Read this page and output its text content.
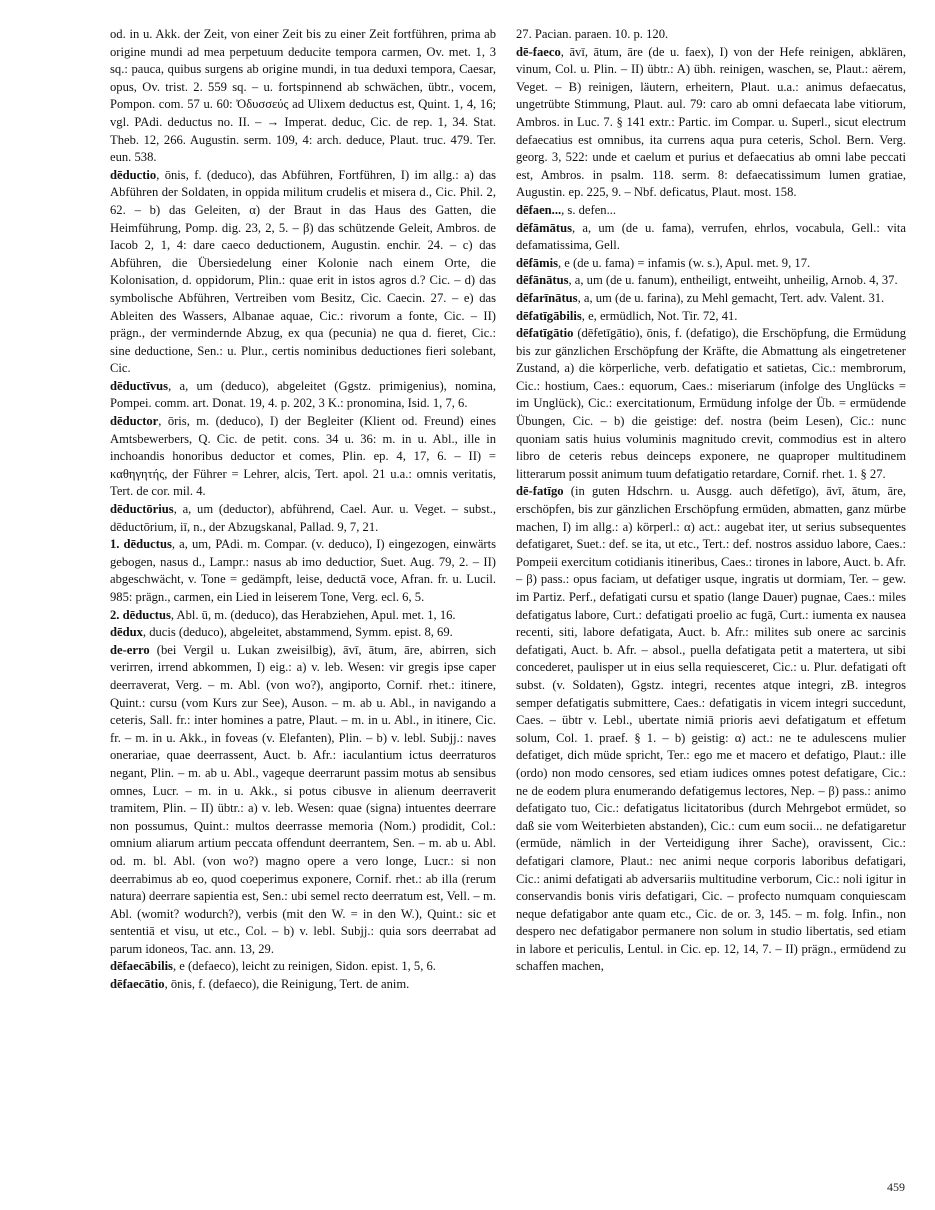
od. in u. Akk. der Zeit, von einer Zeit bis zu einer Zeit fortführen, prima ab origine mundi ad mea perpetuum deducite tempora carmen, Ov. met. 1, 3 sq.: pauca, quibus surgens ab origine mundi, in tua deduxi tempora, Caesar, opus, Ov. trist. 2. 559 sq. – u. fortspinnend ab schwächen, übtr., vocem, Pompon. com. 57 u. 60: Ὀδυσσεύς ad Ulixem deductus est, Quint. 1, 4, 16; vgl. PAdi. deductus no. II. – → Imperat. deduc, Cic. de rep. 1, 34. Stat. Theb. 12, 266. Augustin. serm. 109, 4: arch. deduce, Plaut. truc. 479. Ter. eun. 538.

dēductio, ōnis, f. (deduco), das Abführen, Fortführen, I) im allg.: a) das Abführen der Soldaten, in oppida militum crudelis et misera d., Cic. Phil. 2, 62. – b) das Geleiten, α) der Braut in das Haus des Gatten, die Heimführung, Pomp. dig. 23, 2, 5. – β) das schützende Geleit, Ambros. de Iacob 2, 1, 4: dare caeco deductionem, Augustin. enchir. 24. – c) das Abführen, die Übersiedelung einer Kolonie nach einem Orte, die Kolonisation, d. oppidorum, Plin.: quae erit in istos agros d.? Cic. – d) das symbolische Abführen, Vertreiben vom Besitz, Cic. Caecin. 27. – e) das Ableiten des Wassers, Albanae aquae, Cic.: rivorum a fonte, Cic. – II) prägn., der vermindernde Abzug, ex qua (pecunia) ne qua d. fieret, Cic.: sine deductione, Sen.: u. Plur., certis nominibus deductiones fieri solebant, Cic.

dēductīvus, a, um (deduco), abgeleitet (Ggstz. primigenius), nomina, Pompei. comm. art. Donat. 19, 4. p. 202, 3 K.: pronomina, Isid. 1, 7, 6.

dēductor, ōris, m. (deduco), I) der Begleiter (Klient od. Freund) eines Amtsbewerbers, Q. Cic. de petit. cons. 34 u. 36: m. in u. Abl., ille in inchoandis honoribus deductor et comes, Plin. ep. 4, 17, 6. – II) = καθηγητής, der Führer = Lehrer, alcis, Tert. apol. 21 u.a.: omnis veritatis, Tert. de cor. mil. 4.

dēductōrius, a, um (deductor), abführend, Cael. Aur. u. Veget. – subst., dēductōrium, iī, n., der Abzugskanal, Pallad. 9, 7, 21.

1. dēductus, a, um, PAdi. m. Compar. (v. deduco), I) eingezogen, einwärts gebogen, nasus d., Lampr.: nasus ab imo deductior, Suet. Aug. 79, 2. – II) abgeschwächt, v. Tone = gedämpft, leise, deductā voce, Afran. fr. u. Lucil. 985: prägn., carmen, ein Lied in leiserem Tone, Verg. ecl. 6, 5.

2. dēductus, Abl. ū, m. (deduco), das Herabziehen, Apul. met. 1, 16.

dēdux, ducis (deduco), abgeleitet, abstammend, Symm. epist. 8, 69.

de-erro (bei Vergil u. Lukan zweisilbig), āvī, ātum, āre, abirren, sich verirren, irrend abkommen, I) eig.: a) v. leb. Wesen: vir gregis ipse caper deerraverat, Verg. – m. Abl. (von wo?), angiporto, Cornif. rhet.: itinere, Quint.: cursu (vom Kurs zur See), Auson. – m. ab u. Abl., in navigando a ceteris, Sall. fr.: inter homines a patre, Plaut. – m. in u. Abl., in itinere, Cic. fr. – m. in u. Akk., in foveas (v. Elefanten), Plin. – b) v. lebl. Subjj.: naves onerariae, quae deerrassent, Auct. b. Afr.: iaculantium ictus deerraturos negant, Plin. – m. ab u. Abl., vageque deerrarunt passim motus ab sensibus omnes, Lucr. – m. in u. Akk., si potus cibusve in alienum deerraverit tramitem, Plin. – II) übtr.: a) v. leb. Wesen: quae (signa) intuentes deerrare non possumus, Quint.: multos deerrasse memoria (Nom.) prodidit, Col.: omnium aliarum artium peccata offendunt deerrantem, Sen. – m. ab u. Abl. od. m. bl. Abl. (von wo?) magno opere a vero longe, Lucr.: si non deerrabimus ab eo, quod coeperimus exponere, Cornif. rhet.: ab illa (rerum natura) deerrare sapientia est, Sen.: ubi semel recto deerratum est, Vell. – m. Abl. (womit? wodurch?), verbis (mit den W. = in den W.), Quint.: sic et sententiā et visu, ut etc., Col. – b) v. lebl. Subjj.: quia sors deerrabat ad parum idoneos, Tac. ann. 13, 29.

dēfaecābilis, e (defaeco), leicht zu reinigen, Sidon. epist. 1, 5, 6.

dēfaecātio, ōnis, f. (defaeco), die Reinigung, Tert. de anim.

27. Pacian. paraen. 10. p. 120.

dē-faeco, āvī, ātum, āre (de u. faex), I) von der Hefe reinigen, abklären, vinum, Col. u. Plin. – II) übtr.: A) übh. reinigen, waschen, se, Plaut.: aërem, Veget. – B) reinigen, läutern, erheitern, Plaut. u.a.: animus defaecatus, ungetrübte Stimmung, Plaut. aul. 79: caro ab omni defaecata labe vitiorum, Ambros. in Luc. 7. § 141 extr.: Partic. im Compar. u. Superl., sicut electrum defaecatius est omnibus, ita currens aqua pura ceteris, Schol. Bern. Verg. georg. 3, 522: unde et caelum et purius et defaecatius ab omni labe peccati est, Ambros. in psalm. 118. serm. 8: defaecatissimum lumen gratiae, Augustin. ep. 225, 9. – Nbf. deficatus, Plaut. most. 158.

dēfaen..., s. defen...

dēfāmātus, a, um (de u. fama), verrufen, ehrlos, vocabula, Gell.: vita defamatissima, Gell.

dēfāmis, e (de u. fama) = infamis (w. s.), Apul. met. 9, 17.

dēfānātus, a, um (de u. fanum), entheiligt, entweiht, unheilig, Arnob. 4, 37.

dēfarīnātus, a, um (de u. farina), zu Mehl gemacht, Tert. adv. Valent. 31.

dēfatīgābilis, e, ermüdlich, Not. Tir. 72, 41.

dēfatīgātio (dēfetīgātio), ōnis, f. (defatigo), die Erschöpfung, die Ermüdung bis zur gänzlichen Erschöpfung der Kräfte, die Abmattung als eingetretener Zustand, a) die körperliche, verb. defatigatio et satietas, Cic.: membrorum, Cic.: hostium, Caes.: equorum, Caes.: miseriarum (infolge des Unglücks = im Unglück), Cic.: exercitationum, Ermüdung infolge der Üb. = ermüdende Übungen, Cic. – b) die geistige: def. nostra (beim Lesen), Cic.: nunc quoniam satis huius voluminis magnitudo crevit, commodius est in altero libro de ceteris rebus deinceps exponere, ne quaproper multitudinem litterarum possit animum tuum defatigatio retardare, Cornif. rhet. 1. § 27.

dē-fatīgo (in guten Hdschrn. u. Ausgg. auch dēfetīgo), āvī, ātum, āre, erschöpfen, bis zur gänzlichen Erschöpfung ermüden, abmatten, ganz mürbe machen, I) im allg.: a) körperl.: α) act.: augebat iter, ut serius subsequentes defatigaret, Suet.: def. se ita, ut etc., Tert.: def. nostros assiduo labore, Caes.: Pompeii exercitum cotidianis itineribus, Caes.: tirones in labore, Auct. b. Afr. – β) pass.: opus faciam, ut defatiger usque, ingratis ut dormiam, Ter. – gew. im Partiz. Perf., defatigati cursu et spatio (lange Dauer) pugnae, Caes.: miles defatigatus labore, Curt.: defatigati proelio ac fugā, Curt.: iumenta ex nausea recenti, siti, labore defatigata, Auct. b. Afr.: milites sub onere ac sarcinis defatigati, Auct. b. Afr. – absol., puella defatigata petit a materterа, ut sibi concederet, paulisper ut in eius sella requiesceret, Cic.: u. Plur. defatigati oft subst. (v. Soldaten), Ggstz. integri, recentes atque integri, zB. integros semper defatigatis submittere, Caes.: defatigatis in vicem integri succedunt, Caes. – übtr v. Lebl., ubertate nimiā prioris aevi defatigatum et effetum solum, Col. 1. praef. § 1. – b) geistig: α) act.: ne te adulescens mulier defatiget, dich müde spricht, Ter.: ego me et macero et defatigo, Plaut.: ille (ordo) non modo censores, sed etiam iudices omnes potest defatigare, Cic.: ne de eodem plura enumerando defatigemus lectores, Nep. – β) pass.: animo defatigato tuo, Cic.: defatigatus licitatoribus (durch Mehrgebot ermüdet, so daß sie vom Weiterbieten abstanden), Cic.: cum eum socii... ne defatigaretur (ermüde, nämlich in der Verteidigung ihrer Sache), oravissent, Cic.: defatigari clamore, Plaut.: nec animi neque corporis laboribus defatigari, Cic.: animi defatigati ab adversariis multitudine verborum, Cic.: noli igitur in conservandis bonis viris defatigari, Cic. – profecto numquam conquiescam neque defatigabor ante quam etc., Cic. de or. 3, 145. – m. folg. Infin., non despero nec defatigabor permanere non solum in studio libertatis, sed etiam in labore et periculis, Lentul. in Cic. ep. 12, 14, 7. – II) prägn., ermüdend zu schaffen machen,

459
